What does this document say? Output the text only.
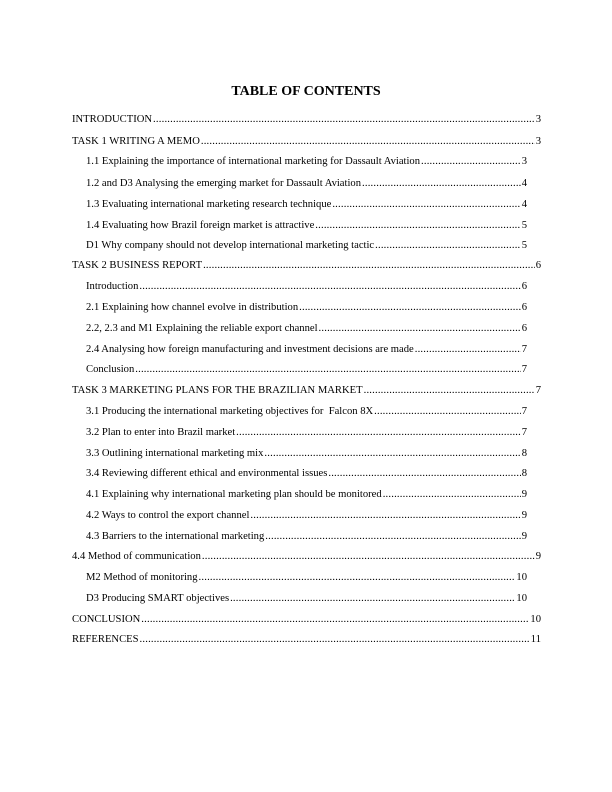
TABLE OF CONTENTS
INTRODUCTION .....	3
TASK 1 WRITING A MEMO .....	3
1.1 Explaining the importance of international marketing for Dassault Aviation .....	3
1.2 and D3 Analysing the emerging market for Dassault Aviation .....	4
1.3 Evaluating international marketing research technique .....	4
1.4 Evaluating how Brazil foreign market is attractive .....	5
D1 Why company should not develop international marketing tactic .....	5
TASK 2 BUSINESS REPORT .....	6
Introduction .....	6
2.1 Explaining how channel evolve in distribution .....	6
2.2, 2.3 and M1 Explaining the reliable export channel .....	6
2.4 Analysing how foreign manufacturing and investment decisions are made .....	7
Conclusion .....	7
TASK 3 MARKETING PLANS FOR THE BRAZILIAN MARKET .....	7
3.1 Producing the international marketing objectives for  Falcon 8X .....	7
3.2 Plan to enter into Brazil market .....	7
3.3 Outlining international marketing mix .....	8
3.4 Reviewing different ethical and environmental issues .....	8
4.1 Explaining why international marketing plan should be monitored .....	9
4.2 Ways to control the export channel .....	9
4.3 Barriers to the international marketing .....	9
4.4 Method of communication .....	9
M2 Method of monitoring .....	10
D3 Producing SMART objectives .....	10
CONCLUSION .....	10
REFERENCES .....	11
